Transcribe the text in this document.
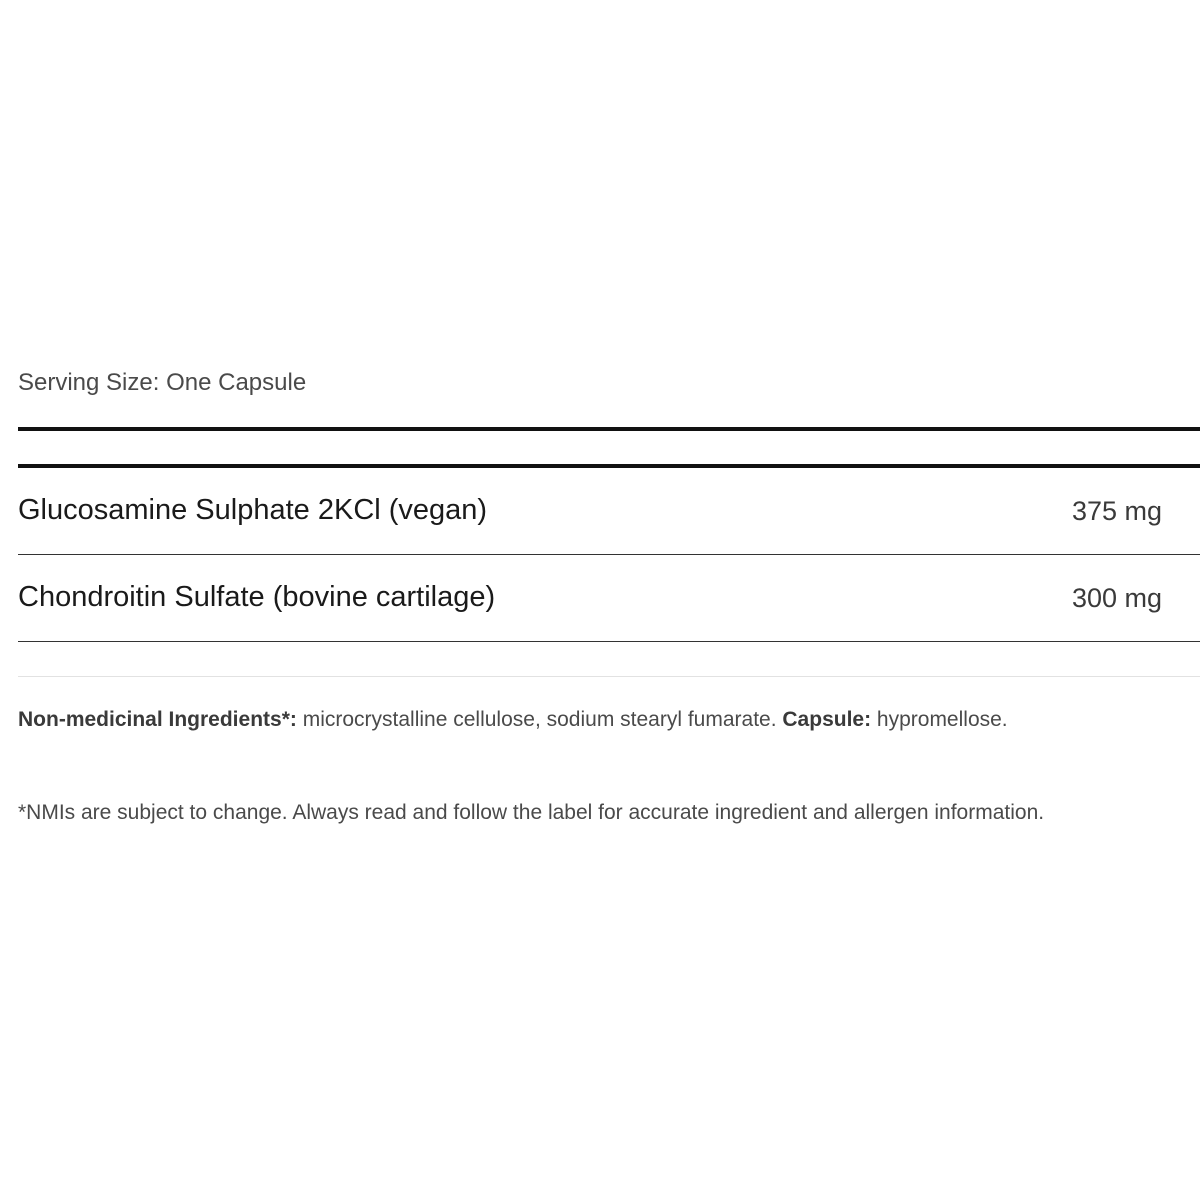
Serving Size: One Capsule
Glucosamine Sulphate 2KCl (vegan)	375 mg
Chondroitin Sulfate (bovine cartilage)	300 mg
Non-medicinal Ingredients*: microcrystalline cellulose, sodium stearyl fumarate. Capsule: hypromellose.
*NMIs are subject to change. Always read and follow the label for accurate ingredient and allergen information.
